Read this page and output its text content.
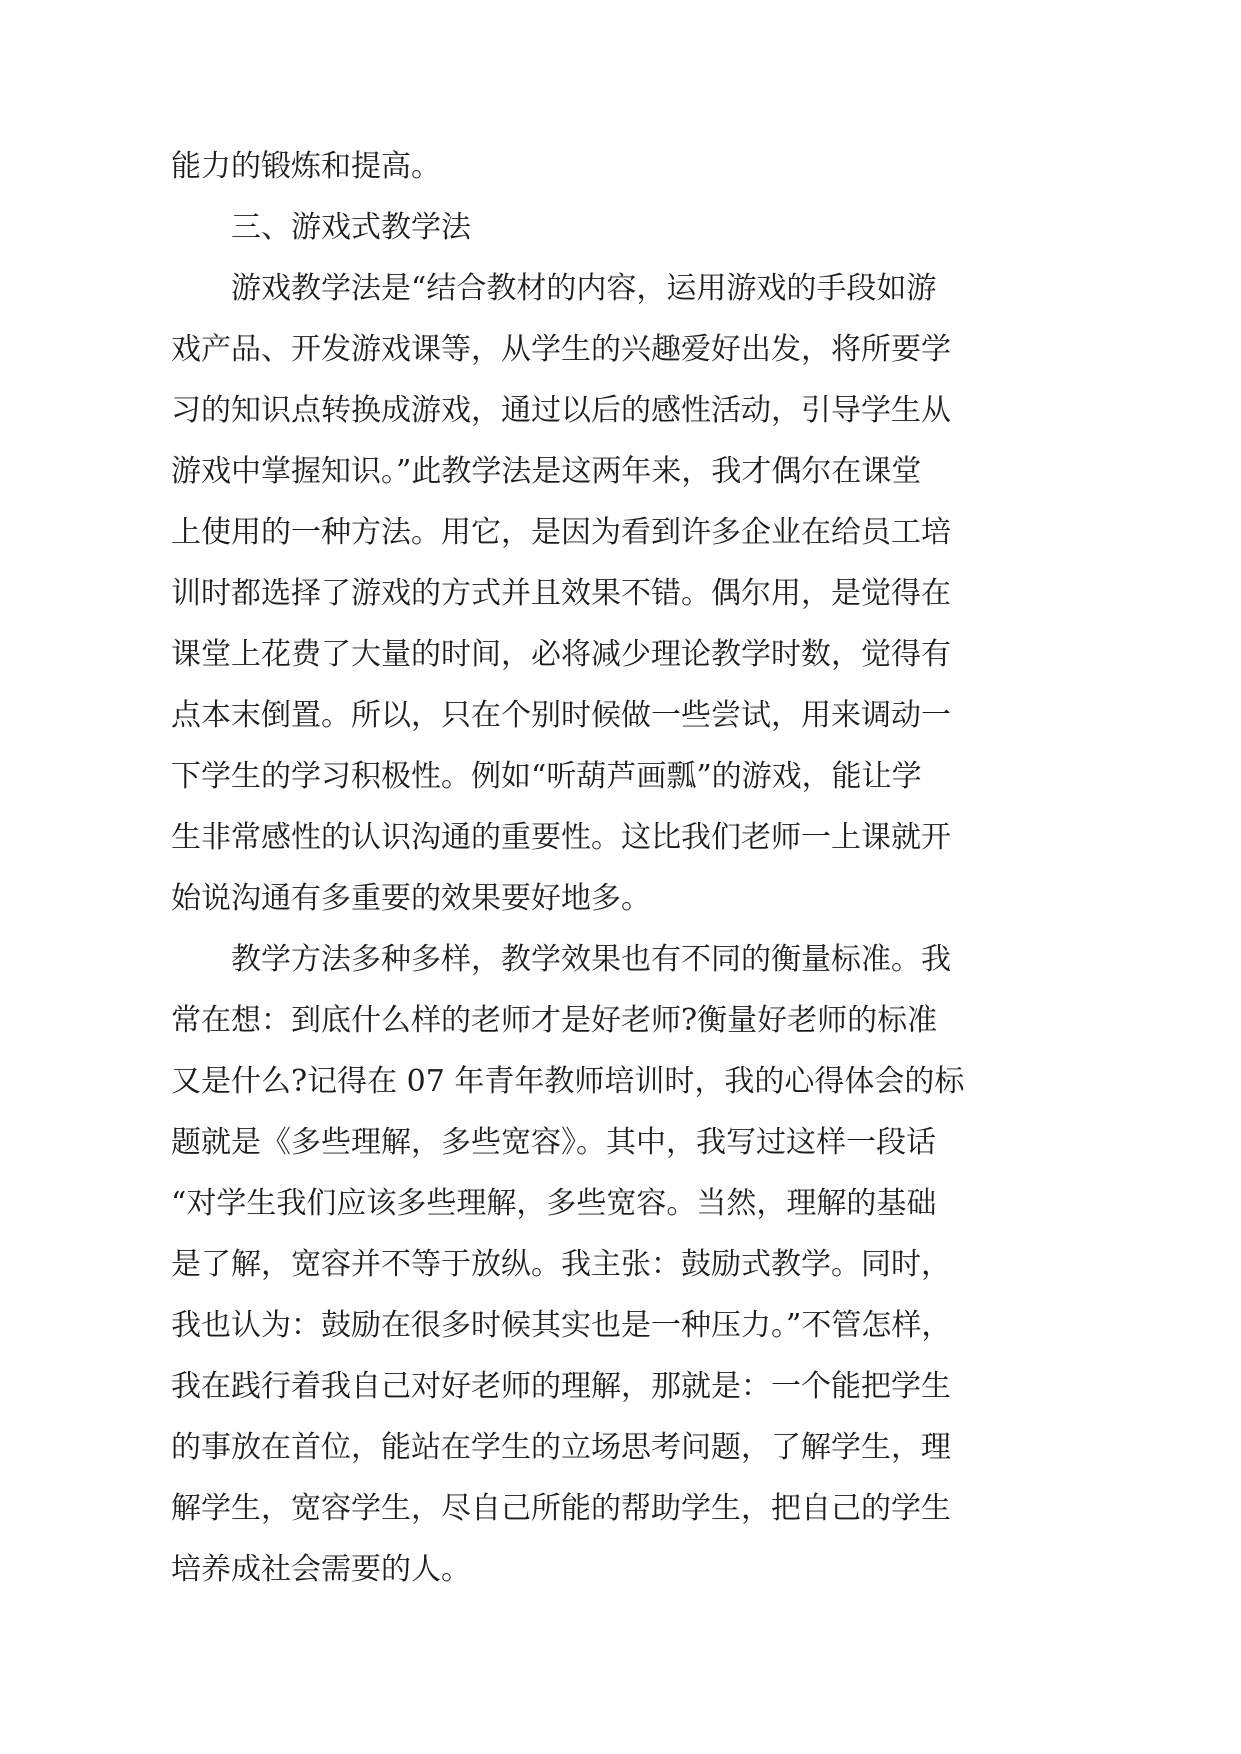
能力的锻炼和提高。

三、游戏式教学法

游戏教学法是“结合教材的内容，运用游戏的手段如游

戏产品、开发游戏课等，从学生的兴趣爱好出发，将所要学

习的知识点转换成游戏，通过以后的感性活动，引导学生从

游戏中掌握知识。”此教学法是这两年来，我才偶尔在课堂

上使用的一种方法。用它，是因为看到许多企业在给员工培

训时都选择了游戏的方式并且效果不错。偶尔用，是觉得在

课堂上花费了大量的时间，必将减少理论教学时数，觉得有

点本末倒置。所以，只在个别时候做一些尝试，用来调动一

下学生的学习积极性。例如“听葫芦画瓢”的游戏，能让学

生非常感性的认识沟通的重要性。这比我们老师一上课就开

始说沟通有多重要的效果要好地多。

教学方法多种多样，教学效果也有不同的衡量标准。我

常在想：到底什么样的老师才是好老师?衡量好老师的标准

又是什么?记得在 07 年青年教师培训时，我的心得体会的标

题就是《多些理解，多些宽容》。其中，我写过这样一段话

“对学生我们应该多些理解，多些宽容。当然，理解的基础

是了解，宽容并不等于放纵。我主张：鼓励式教学。同时，

我也认为：鼓励在很多时候其实也是一种压力。”不管怎样，

我在践行着我自己对好老师的理解，那就是：一个能把学生

的事放在首位，能站在学生的立场思考问题，了解学生，理

解学生，宽容学生，尽自己所能的帮助学生，把自己的学生

培养成社会需要的人。
